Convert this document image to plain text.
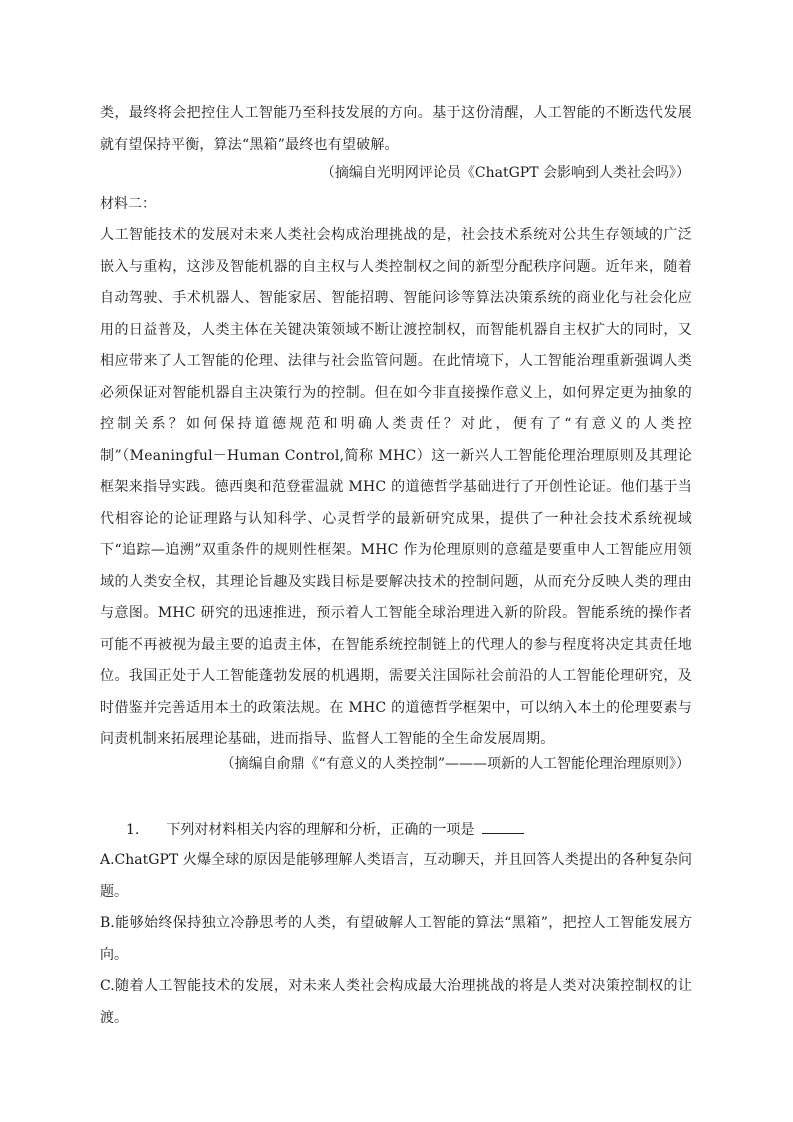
类，最终将会把控住人工智能乃至科技发展的方向。基于这份清醒，人工智能的不断迭代发展就有望保持平衡，算法“黑箱”最终也有望破解。

（摘编自光明网评论员《ChatGPT 会影响到人类社会吗》）
材料二：

人工智能技术的发展对未来人类社会构成治理挑战的是，社会技术系统对公共生存领域的广泛嵌入与重构，这涉及智能机器的自主权与人类控制权之间的新型分配秩序问题。近年来，随着自动驾驶、手术机器人、智能家居、智能招聘、智能问诊等算法决策系统的商业化与社会化应用的日益普及，人类主体在关键决策领域不断让渡控制权，而智能机器自主权扩大的同时，又相应带来了人工智能的伦理、法律与社会监管问题。在此情境下，人工智能治理重新强调人类必须保证对智能机器自主决策行为的控制。但在如今非直接操作意义上，如何界定更为抽象的控制关系？如何保持道德规范和明确人类责任？对此，便有了“有意义的人类控制”（Meaningful－Human Control,简称 MHC）这一新兴人工智能伦理治理原则及其理论框架来指导实践。德西奥和范登霍温就 MHC 的道德哲学基础进行了开创性论证。他们基于当代相容论的论证理路与认知科学、心灵哲学的最新研究成果，提供了一种社会技术系统视域下“追踪—追溯”双重条件的规则性框架。MHC 作为伦理原则的意蕴是要重申人工智能应用领域的人类安全权，其理论旨趣及实践目标是要解决技术的控制问题，从而充分反映人类的理由与意图。MHC 研究的迅速推进，预示着人工智能全球治理进入新的阶段。智能系统的操作者可能不再被视为最主要的追责主体，在智能系统控制链上的代理人的参与程度将决定其责任地位。我国正处于人工智能蓬勃发展的机遇期，需要关注国际社会前沿的人工智能伦理研究，及时借鉴并完善适用本土的政策法规。在 MHC 的道德哲学框架中，可以纳入本土的伦理要素与问责机制来拓展理论基础，进而指导、监督人工智能的全生命发展周期。

（摘编自俞鼎《“有意义的人类控制”———项新的人工智能伦理治理原则》）
1. 下列对材料相关内容的理解和分析，正确的一项是

A.ChatGPT 火爆全球的原因是能够理解人类语言，互动聊天，并且回答人类提出的各种复杂问题。

B.能够始终保持独立冷静思考的人类，有望破解人工智能的算法“黑箱”，把控人工智能发展方向。

C.随着人工智能技术的发展，对未来人类社会构成最大治理挑战的将是人类对决策控制权的让渡。
